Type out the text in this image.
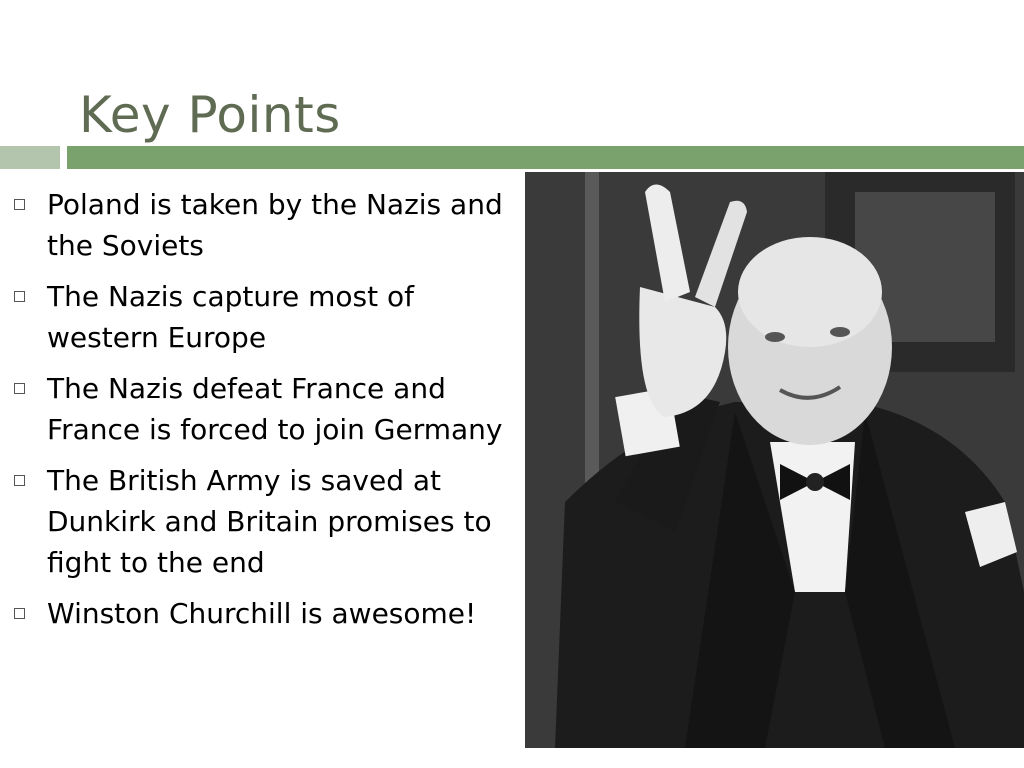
Key Points
Poland is taken by the Nazis and the Soviets
The Nazis capture most of western Europe
The Nazis defeat France and France is forced to join Germany
The British Army is saved at Dunkirk and Britain promises to fight to the end
Winston Churchill is awesome!
